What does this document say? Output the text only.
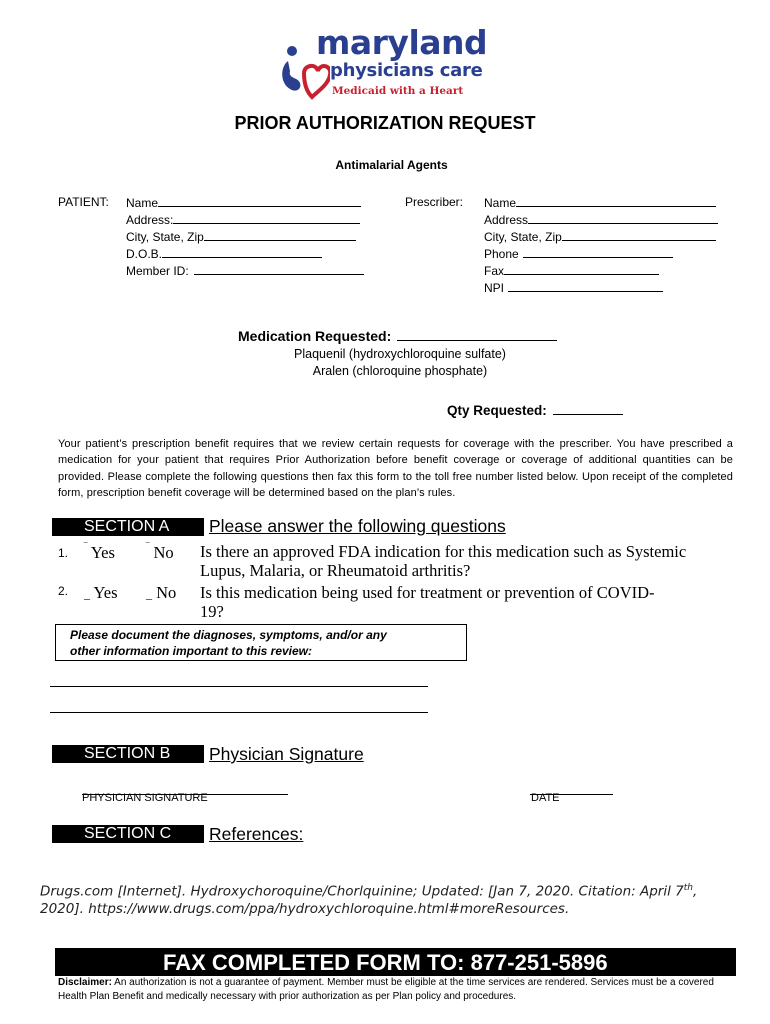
maryland
physicians care
Medicaid with a Heart
PRIOR AUTHORIZATION REQUEST
Antimalarial Agents
PATIENT: Name
Address:
City, State, Zip
D.O.B.
Member ID:
Prescriber: Name
Address
City, State, Zip
Phone
Fax
NPI
Medication Requested:
Plaquenil (hydroxychloroquine sulfate)
Aralen (chloroquine phosphate)
Qty Requested:
Your patient’s prescription benefit requires that we review certain requests for coverage with the prescriber. You have prescribed a medication for your patient that requires Prior Authorization before benefit coverage or coverage of additional quantities can be provided. Please complete the following questions then fax this form to the toll free number listed below. Upon receipt of the completed form, prescription benefit coverage will be determined based on the plan’s rules.
SECTION A	Please answer the following questions
1. ‾ Yes	‾ No Is there an approved FDA indication for this medication such as Systemic
Lupus, Malaria, or Rheumatoid arthritis?
2. _ Yes _ No Is this medication being used for treatment or prevention of COVID-
19?
Please document the diagnoses, symptoms, and/or any
other information important to this review:
SECTION B	Physician Signature
PHYSICIAN SIGNATURE	DATE
SECTION C	References:
Drugs.com [Internet]. Hydroxychoroquine/Chorlquinine; Updated: [Jan 7, 2020. Citation: April 7th,
2020]. https://www.drugs.com/ppa/hydroxychloroquine.html#moreResources.
FAX COMPLETED FORM TO: 877-251-5896
Disclaimer: An authorization is not a guarantee of payment. Member must be eligible at the time services are rendered. Services must be a covered Health Plan Benefit and medically necessary with prior authorization as per Plan policy and procedures.
